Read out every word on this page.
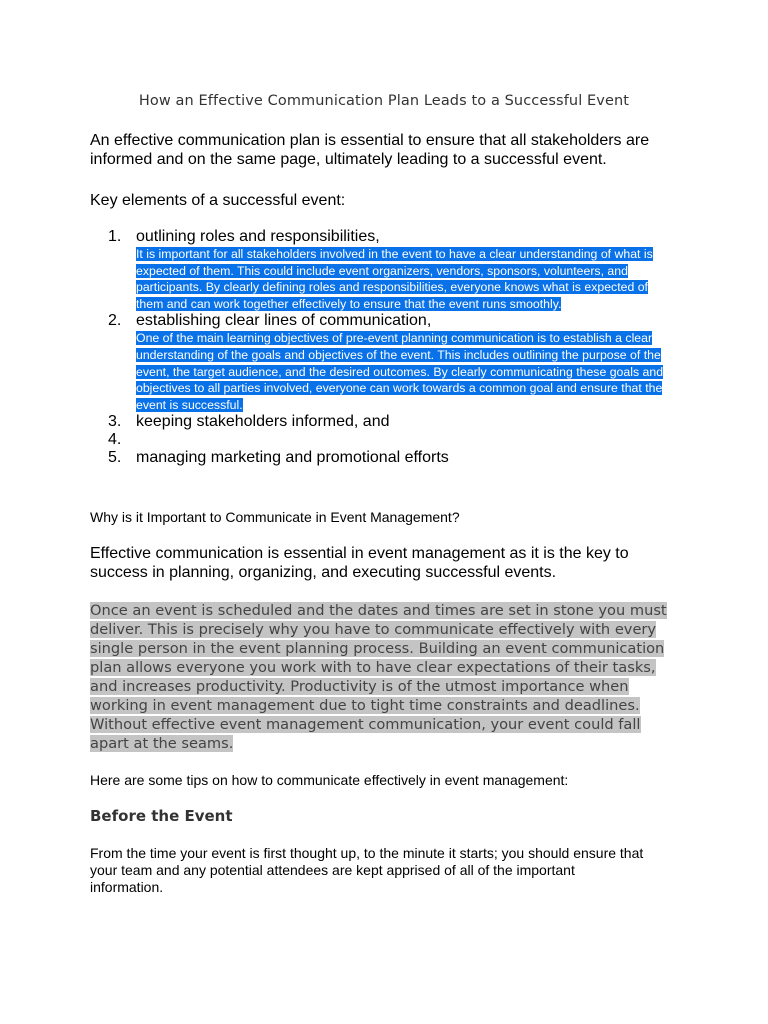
How an Effective Communication Plan Leads to a Successful Event
An effective communication plan is essential to ensure that all stakeholders are informed and on the same page, ultimately leading to a successful event.
Key elements of a successful event:
1. outlining roles and responsibilities,
It is important for all stakeholders involved in the event to have a clear understanding of what is expected of them. This could include event organizers, vendors, sponsors, volunteers, and participants. By clearly defining roles and responsibilities, everyone knows what is expected of them and can work together effectively to ensure that the event runs smoothly.
2. establishing clear lines of communication,
One of the main learning objectives of pre-event planning communication is to establish a clear understanding of the goals and objectives of the event. This includes outlining the purpose of the event, the target audience, and the desired outcomes. By clearly communicating these goals and objectives to all parties involved, everyone can work towards a common goal and ensure that the event is successful.
3. keeping stakeholders informed, and
4.
5. managing marketing and promotional efforts
Why is it Important to Communicate in Event Management?
Effective communication is essential in event management as it is the key to success in planning, organizing, and executing successful events.
Once an event is scheduled and the dates and times are set in stone you must deliver. This is precisely why you have to communicate effectively with every single person in the event planning process. Building an event communication plan allows everyone you work with to have clear expectations of their tasks, and increases productivity. Productivity is of the utmost importance when working in event management due to tight time constraints and deadlines. Without effective event management communication, your event could fall apart at the seams.
Here are some tips on how to communicate effectively in event management:
Before the Event
From the time your event is first thought up, to the minute it starts; you should ensure that your team and any potential attendees are kept apprised of all of the important information.
